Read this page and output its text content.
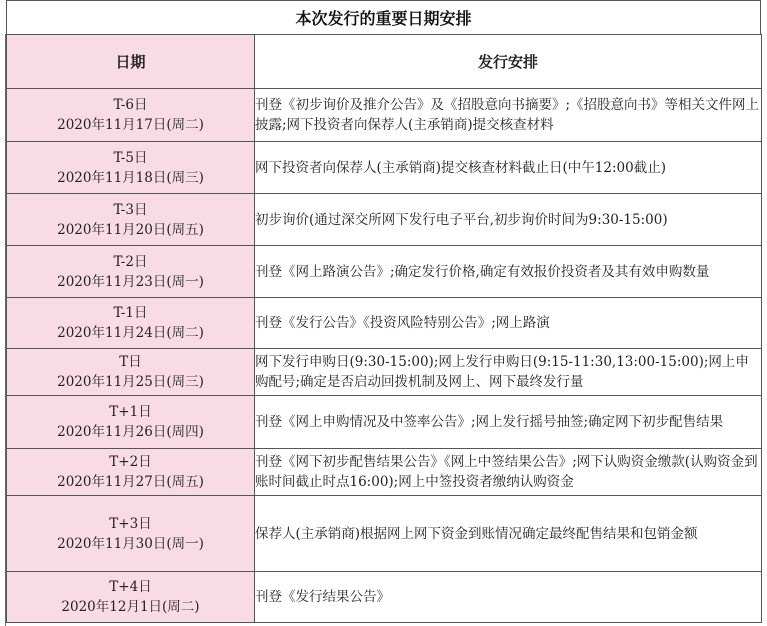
本次发行的重要日期安排
日期	发行安排

T-6日
2020年11月17日(周二)	刊登《初步询价及推介公告》及《招股意向书摘要》;《招股意向书》等相关文件网上披露;网下投资者向保荐人(主承销商)提交核查材料

T-5日
2020年11月18日(周三)	网下投资者向保荐人(主承销商)提交核查材料截止日(中午12:00截止)

T-3日
2020年11月20日(周五)	初步询价(通过深交所网下发行电子平台,初步询价时间为9:30-15:00)

T-2日
2020年11月23日(周一)	刊登《网上路演公告》;确定发行价格,确定有效报价投资者及其有效申购数量

T-1日
2020年11月24日(周二)	刊登《发行公告》《投资风险特别公告》;网上路演

T日
2020年11月25日(周三)	网下发行申购日(9:30-15:00);网上发行申购日(9:15-11:30,13:00-15:00);网上申购配号;确定是否启动回拨机制及网上、网下最终发行量

T+1日
2020年11月26日(周四)	刊登《网上申购情况及中签率公告》;网上发行摇号抽签;确定网下初步配售结果

T+2日
2020年11月27日(周五)	刊登《网下初步配售结果公告》《网上中签结果公告》;网下认购资金缴款(认购资金到账时间截止时点16:00);网上中签投资者缴纳认购资金

T+3日
2020年11月30日(周一)	保荐人(主承销商)根据网上网下资金到账情况确定最终配售结果和包销金额

T+4日
2020年12月1日(周二)	刊登《发行结果公告》
